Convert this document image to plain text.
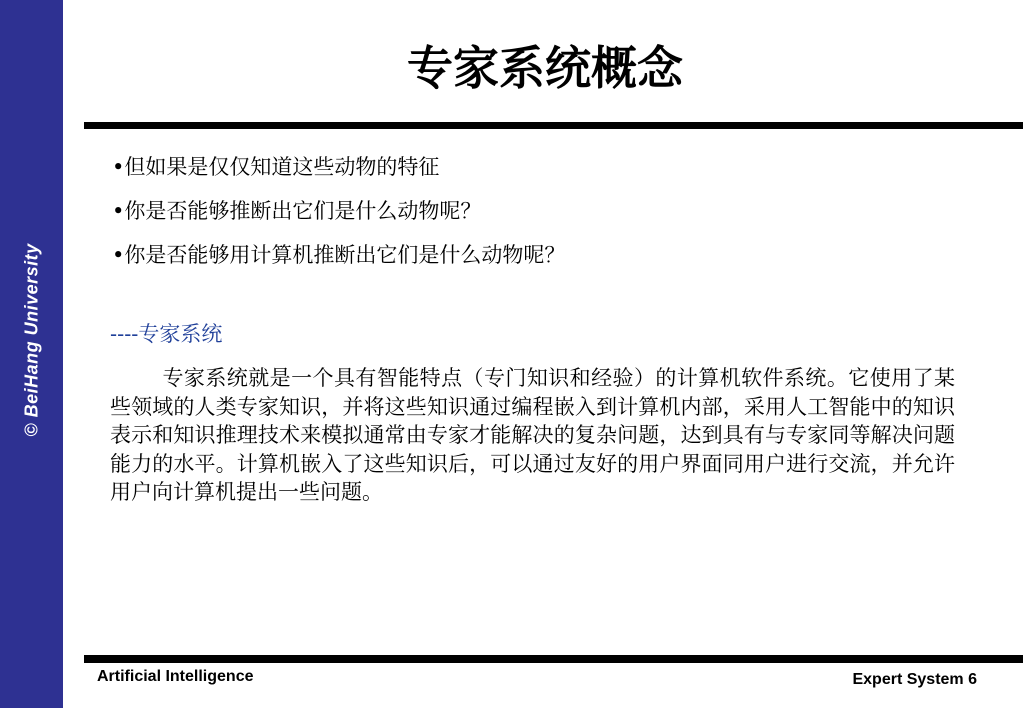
© BeiHang University
专家系统概念
•但如果是仅仅知道这些动物的特征
•你是否能够推断出它们是什么动物呢？
•你是否能够用计算机推断出它们是什么动物呢？
----专家系统

专家系统就是一个具有智能特点（专门知识和经验）的计算机软件系统。它使用了某些领域的人类专家知识，并将这些知识通过编程嵌入到计算机内部，采用人工智能中的知识表示和知识推理技术来模拟通常由专家才能解决的复杂问题，达到具有与专家同等解决问题能力的水平。计算机嵌入了这些知识后，可以通过友好的用户界面同用户进行交流，并允许用户向计算机提出一些问题。

Artificial Intelligence	Expert System 6
